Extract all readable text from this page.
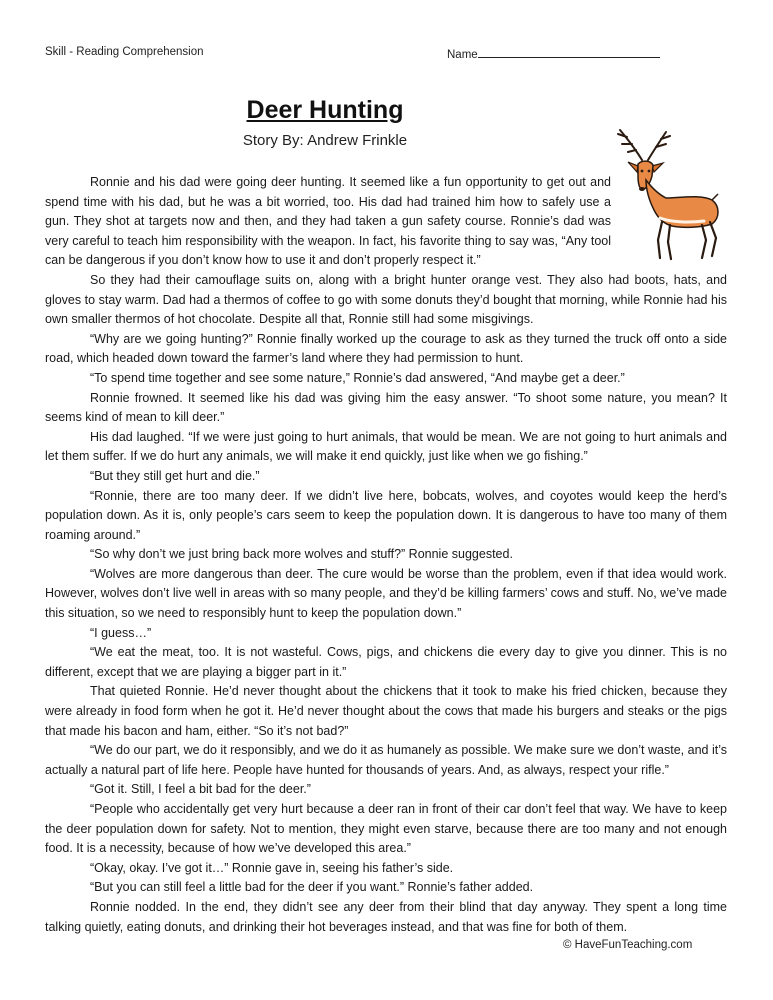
Skill - Reading Comprehension	Name
Deer Hunting
Story By: Andrew Frinkle

Ronnie and his dad were going deer hunting. It seemed like a fun opportunity to get out and spend time with his dad, but he was a bit worried, too. His dad had trained him how to safely use a gun. They shot at targets now and then, and they had taken a gun safety course. Ronnie’s dad was very careful to teach him responsibility with the weapon. In fact, his favorite thing to say was, “Any tool can be dangerous if you don’t know how to use it and don’t properly respect it.”

So they had their camouflage suits on, along with a bright hunter orange vest. They also had boots, hats, and gloves to stay warm. Dad had a thermos of coffee to go with some donuts they’d bought that morning, while Ronnie had his own smaller thermos of hot chocolate. Despite all that, Ronnie still had some misgivings.

“Why are we going hunting?” Ronnie finally worked up the courage to ask as they turned the truck off onto a side road, which headed down toward the farmer’s land where they had permission to hunt.

“To spend time together and see some nature,” Ronnie’s dad answered, “And maybe get a deer.”

Ronnie frowned. It seemed like his dad was giving him the easy answer. “To shoot some nature, you mean? It seems kind of mean to kill deer.”

His dad laughed. “If we were just going to hurt animals, that would be mean. We are not going to hurt animals and let them suffer. If we do hurt any animals, we will make it end quickly, just like when we go fishing.”

“But they still get hurt and die.”

“Ronnie, there are too many deer. If we didn’t live here, bobcats, wolves, and coyotes would keep the herd’s population down. As it is, only people’s cars seem to keep the population down. It is dangerous to have too many of them roaming around.”

“So why don’t we just bring back more wolves and stuff?” Ronnie suggested.

“Wolves are more dangerous than deer. The cure would be worse than the problem, even if that idea would work. However, wolves don’t live well in areas with so many people, and they’d be killing farmers’ cows and stuff. No, we’ve made this situation, so we need to responsibly hunt to keep the population down.”

“I guess…”

“We eat the meat, too. It is not wasteful. Cows, pigs, and chickens die every day to give you dinner. This is no different, except that we are playing a bigger part in it.”

That quieted Ronnie. He’d never thought about the chickens that it took to make his fried chicken, because they were already in food form when he got it. He’d never thought about the cows that made his burgers and steaks or the pigs that made his bacon and ham, either. “So it’s not bad?”

“We do our part, we do it responsibly, and we do it as humanely as possible. We make sure we don’t waste, and it’s actually a natural part of life here. People have hunted for thousands of years. And, as always, respect your rifle.”

“Got it. Still, I feel a bit bad for the deer.”

“People who accidentally get very hurt because a deer ran in front of their car don’t feel that way. We have to keep the deer population down for safety. Not to mention, they might even starve, because there are too many and not enough food. It is a necessity, because of how we’ve developed this area.”

“Okay, okay. I’ve got it…” Ronnie gave in, seeing his father’s side.

“But you can still feel a little bad for the deer if you want.” Ronnie’s father added.

Ronnie nodded. In the end, they didn’t see any deer from their blind that day anyway. They spent a long time talking quietly, eating donuts, and drinking their hot beverages instead, and that was fine for both of them.

© HaveFunTeaching.com
